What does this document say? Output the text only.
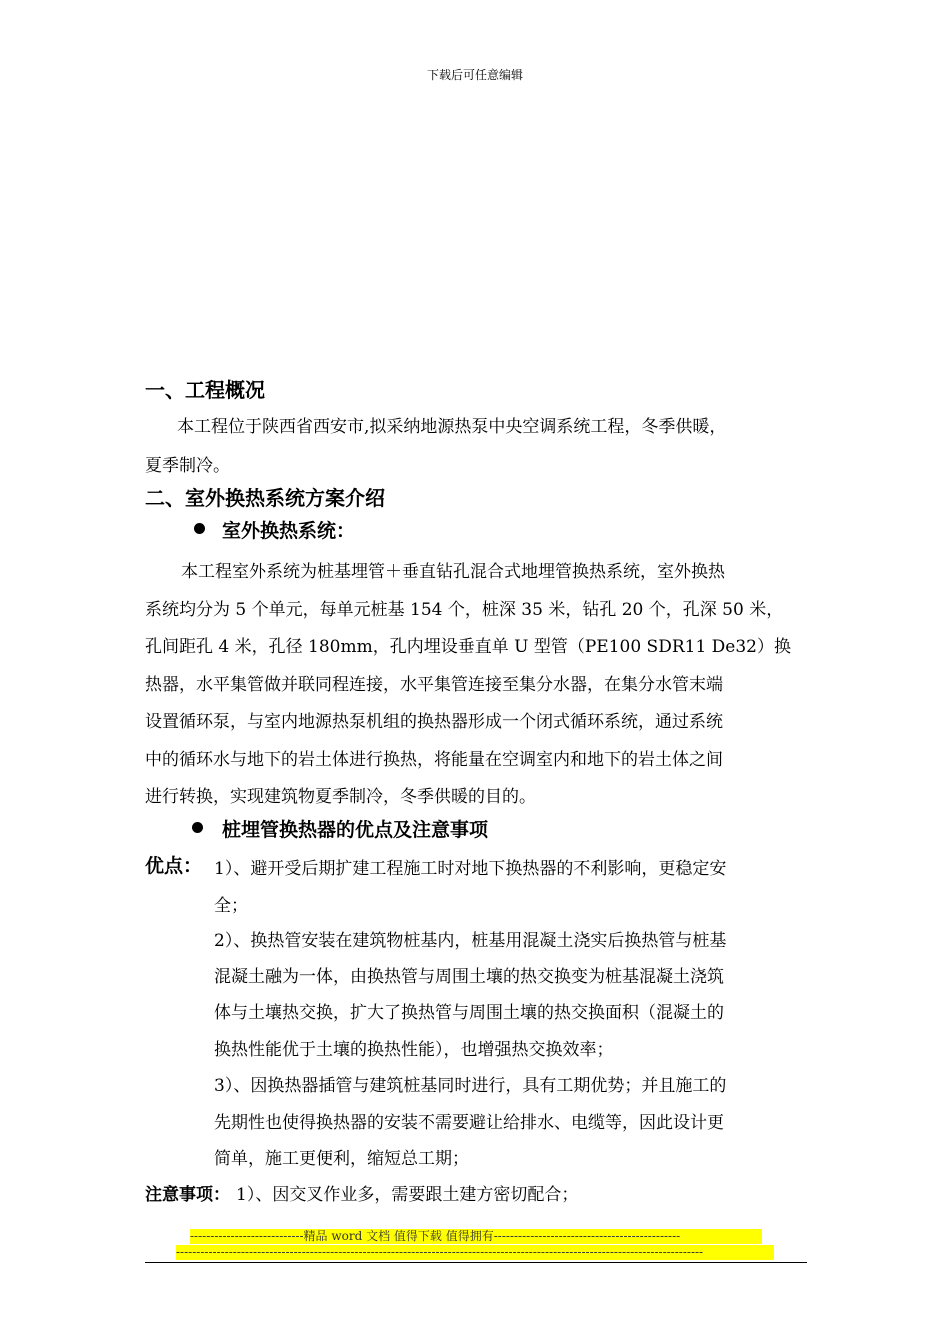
下载后可任意编辑
一、工程概况
本工程位于陕西省西安市,拟采纳地源热泵中央空调系统工程，冬季供暖，
夏季制冷。
二、室外换热系统方案介绍
室外换热系统：
本工程室外系统为桩基埋管＋垂直钻孔混合式地埋管换热系统，室外换热
系统均分为 5 个单元，每单元桩基 154 个，桩深 35 米，钻孔 20 个，孔深 50 米，
孔间距孔 4 米，孔径 180mm，孔内埋设垂直单 U 型管（PE100 SDR11 De32）换
热器，水平集管做并联同程连接，水平集管连接至集分水器，在集分水管末端
设置循环泵，与室内地源热泵机组的换热器形成一个闭式循环系统，通过系统
中的循环水与地下的岩土体进行换热，将能量在空调室内和地下的岩土体之间
进行转换，实现建筑物夏季制冷，冬季供暖的目的。
桩埋管换热器的优点及注意事项
优点： 1）、避开受后期扩建工程施工时对地下换热器的不利影响，更稳定安
全；
2）、换热管安装在建筑物桩基内，桩基用混凝土浇实后换热管与桩基
混凝土融为一体，由换热管与周围土壤的热交换变为桩基混凝土浇筑
体与土壤热交换，扩大了换热管与周围土壤的热交换面积（混凝土的
换热性能优于土壤的换热性能），也增强热交换效率；
3）、因换热器插管与建筑桩基同时进行，具有工期优势；并且施工的
先期性也使得换热器的安装不需要避让给排水、电缆等，因此设计更
简单，施工更便利，缩短总工期；
注意事项： 1）、因交叉作业多，需要跟土建方密切配合；
----------------------------精品 word 文档 值得下载 值得拥有----------------------------------------------
----------------------------------------------------------------------------------------------------------------------------------
